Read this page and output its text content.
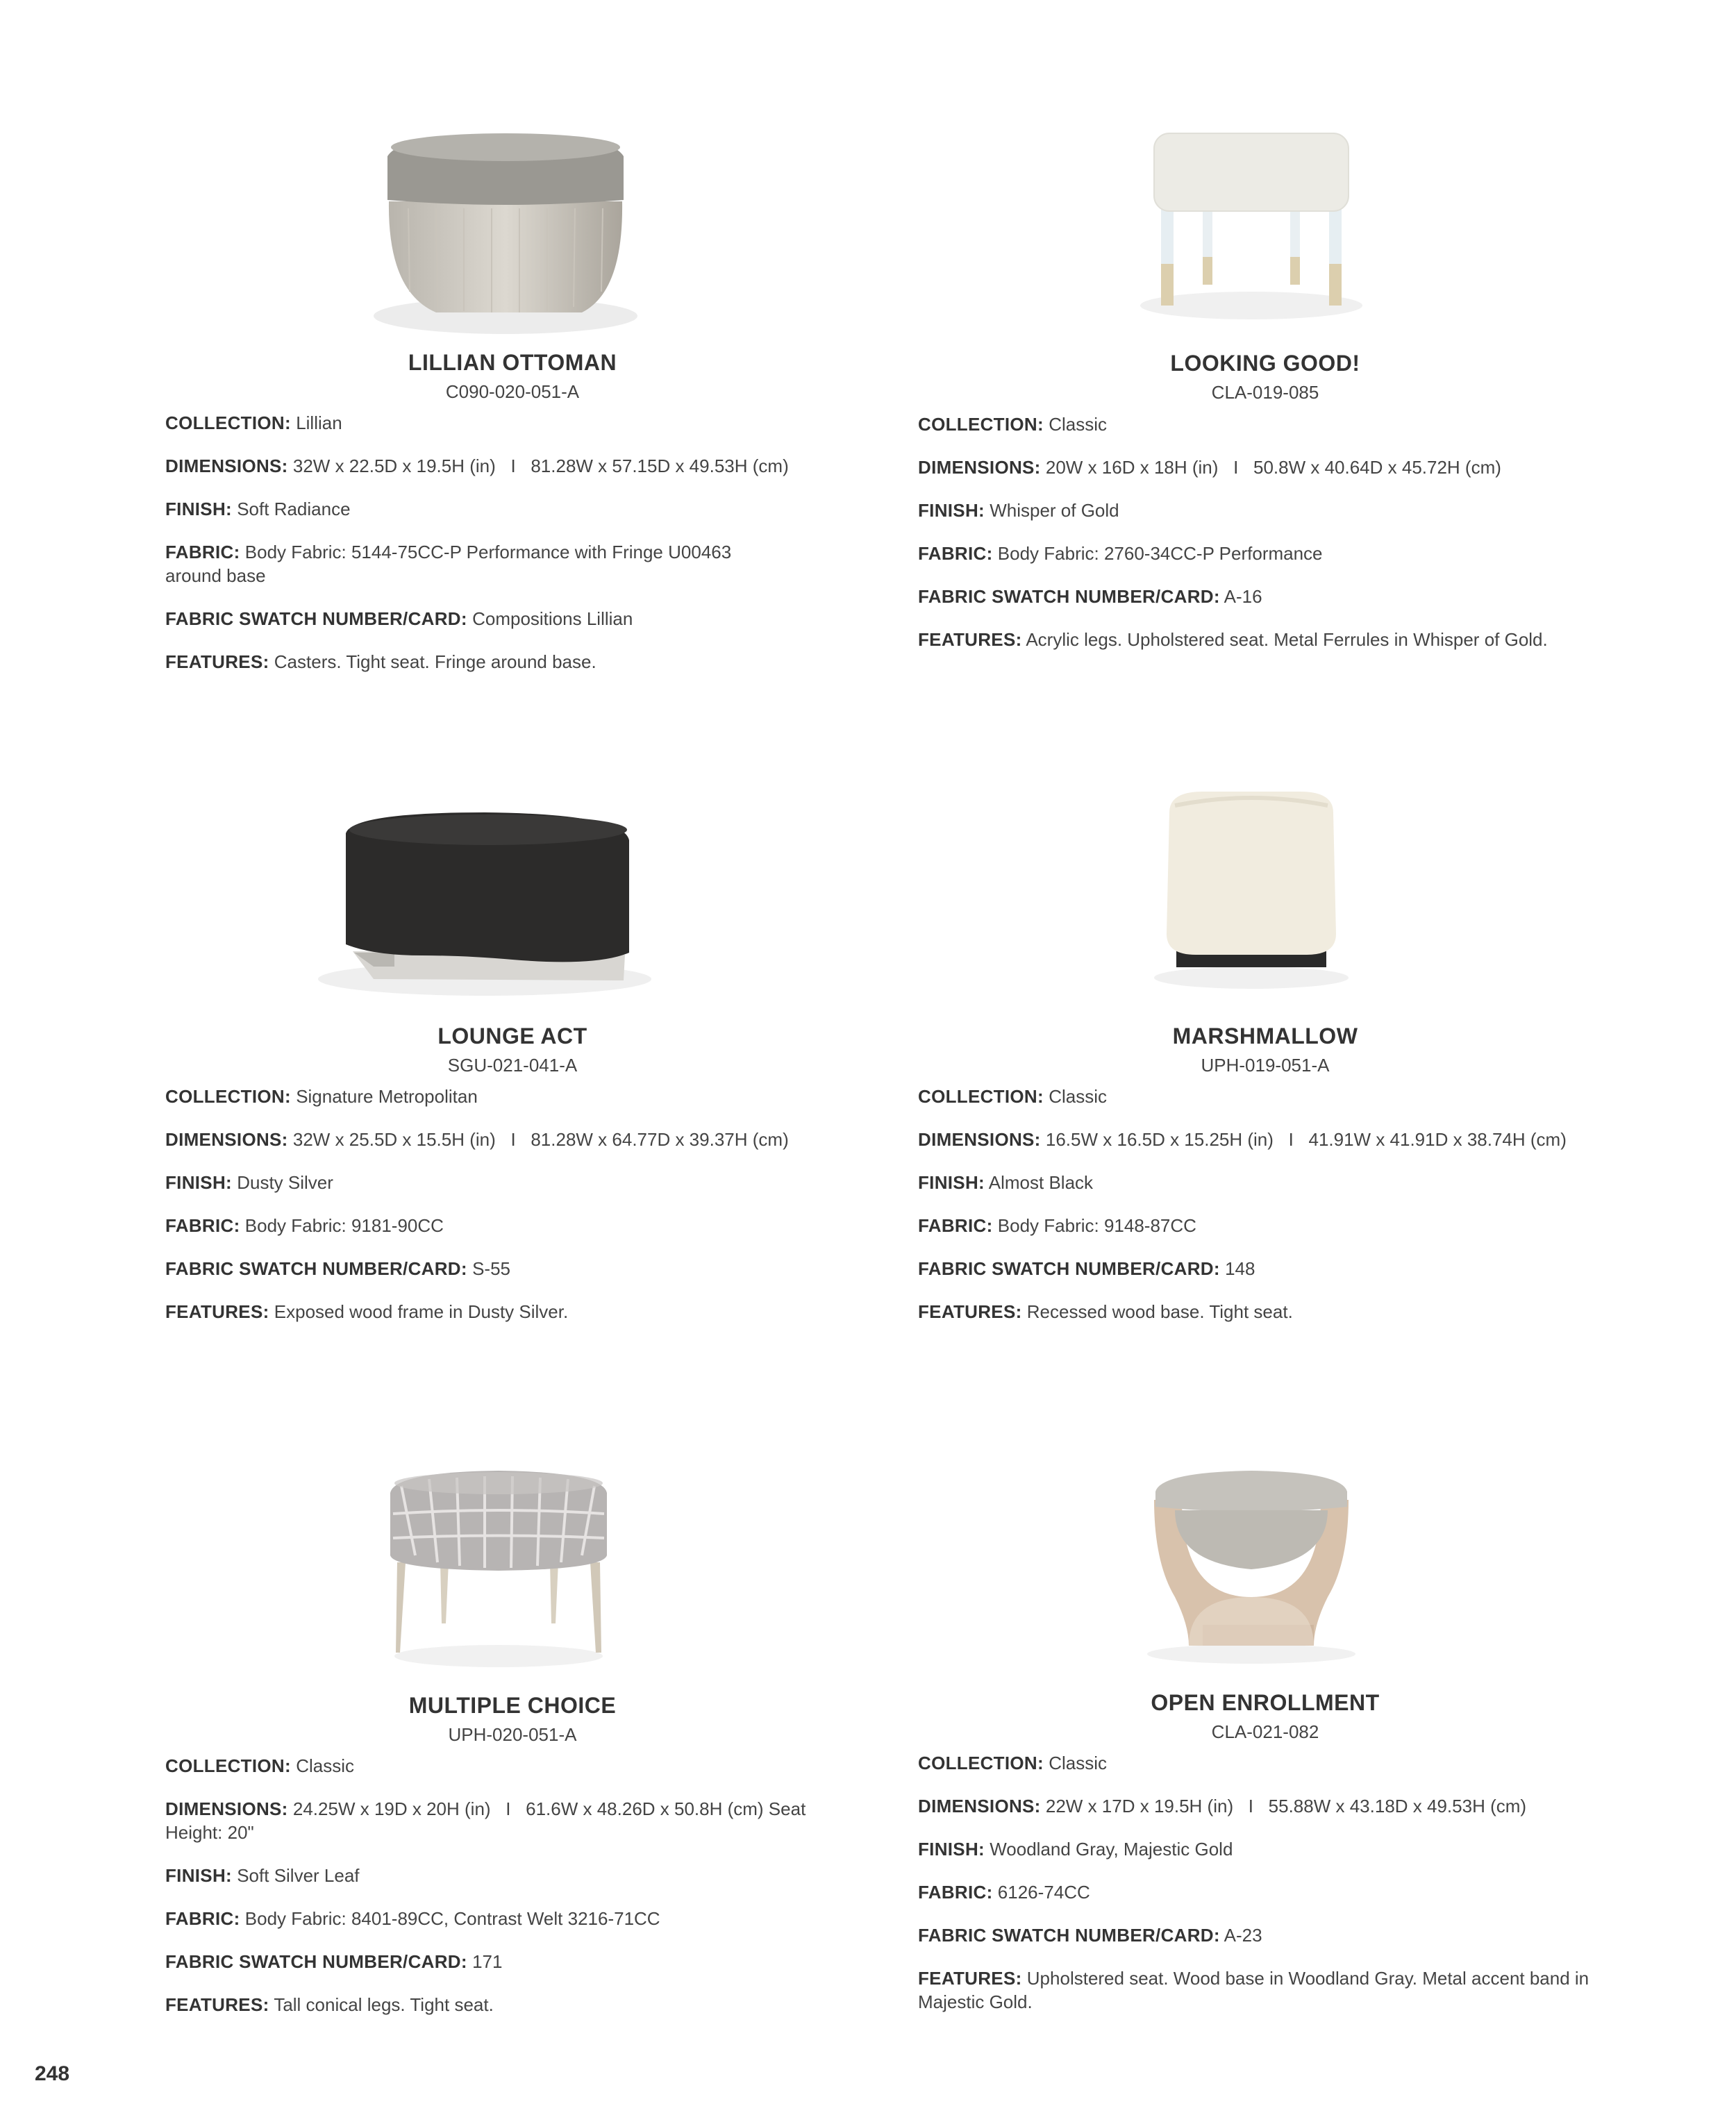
LILLIAN OTTOMAN
C090-020-051-A
COLLECTION: Lillian
DIMENSIONS: 32W x 22.5D x 19.5H (in)   I   81.28W x 57.15D x 49.53H (cm)
FINISH: Soft Radiance
FABRIC: Body Fabric: 5144-75CC-P Performance with Fringe U00463 around base
FABRIC SWATCH NUMBER/CARD: Compositions Lillian
FEATURES: Casters. Tight seat. Fringe around base.
LOOKING GOOD!
CLA-019-085
COLLECTION: Classic
DIMENSIONS: 20W x 16D x 18H (in)   I   50.8W x 40.64D x 45.72H (cm)
FINISH: Whisper of Gold
FABRIC: Body Fabric: 2760-34CC-P Performance
FABRIC SWATCH NUMBER/CARD: A-16
FEATURES: Acrylic legs. Upholstered seat. Metal Ferrules in Whisper of Gold.
LOUNGE ACT
SGU-021-041-A
COLLECTION: Signature Metropolitan
DIMENSIONS: 32W x 25.5D x 15.5H (in)   I   81.28W x 64.77D x 39.37H (cm)
FINISH: Dusty Silver
FABRIC: Body Fabric: 9181-90CC
FABRIC SWATCH NUMBER/CARD: S-55
FEATURES: Exposed wood frame in Dusty Silver.
MARSHMALLOW
UPH-019-051-A
COLLECTION: Classic
DIMENSIONS: 16.5W x 16.5D x 15.25H (in)   I   41.91W x 41.91D x 38.74H (cm)
FINISH: Almost Black
FABRIC: Body Fabric: 9148-87CC
FABRIC SWATCH NUMBER/CARD: 148
FEATURES: Recessed wood base. Tight seat.
MULTIPLE CHOICE
UPH-020-051-A
COLLECTION: Classic
DIMENSIONS: 24.25W x 19D x 20H (in)   I   61.6W x 48.26D x 50.8H (cm) Seat Height: 20"
FINISH: Soft Silver Leaf
FABRIC: Body Fabric: 8401-89CC, Contrast Welt 3216-71CC
FABRIC SWATCH NUMBER/CARD: 171
FEATURES: Tall conical legs. Tight seat.
OPEN ENROLLMENT
CLA-021-082
COLLECTION: Classic
DIMENSIONS: 22W x 17D x 19.5H (in)   I   55.88W x 43.18D x 49.53H (cm)
FINISH: Woodland Gray, Majestic Gold
FABRIC: 6126-74CC
FABRIC SWATCH NUMBER/CARD: A-23
FEATURES: Upholstered seat. Wood base in Woodland Gray. Metal accent band in Majestic Gold.
248
